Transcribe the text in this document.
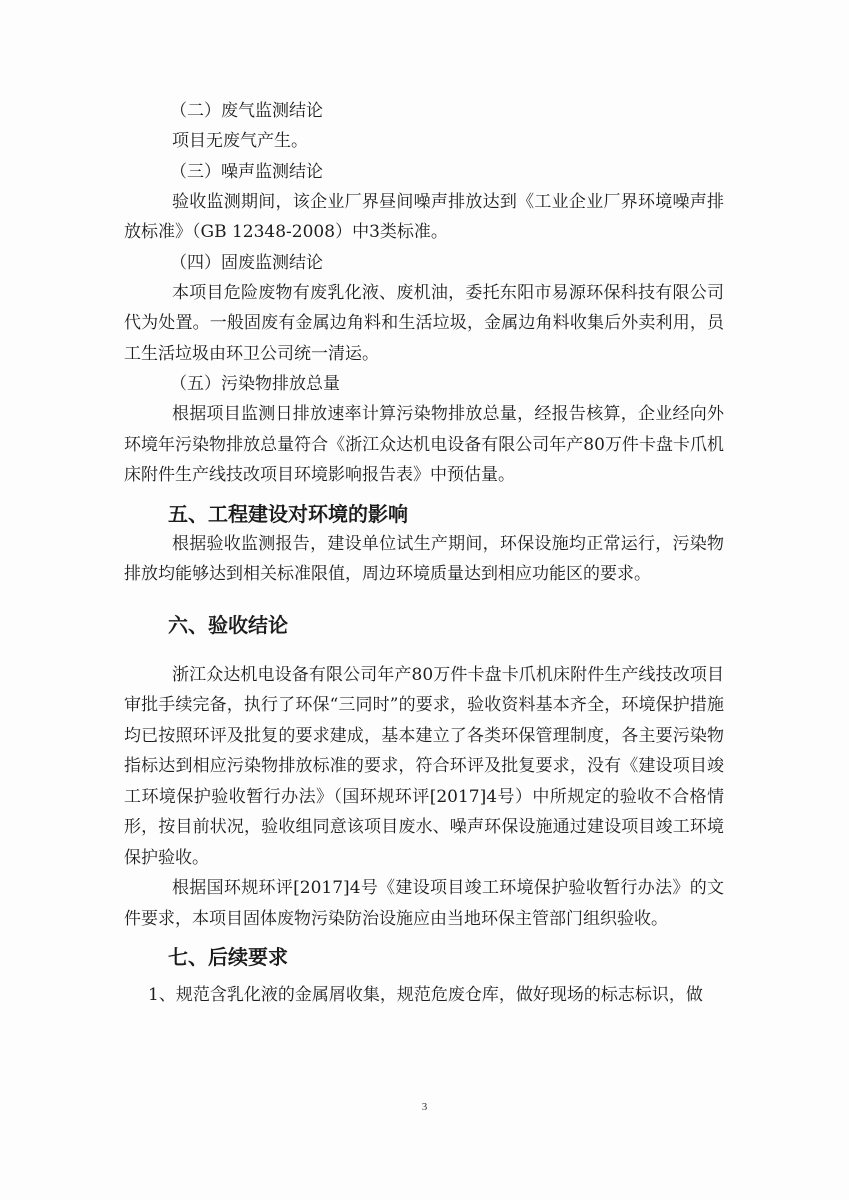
（二）废气监测结论

项目无废气产生。

（三）噪声监测结论

验收监测期间，该企业厂界昼间噪声排放达到《工业企业厂界环境噪声排放标准》（GB 12348-2008）中3类标准。

（四）固废监测结论

本项目危险废物有废乳化液、废机油，委托东阳市易源环保科技有限公司代为处置。一般固废有金属边角料和生活垃圾，金属边角料收集后外卖利用，员工生活垃圾由环卫公司统一清运。

（五）污染物排放总量

根据项目监测日排放速率计算污染物排放总量，经报告核算，企业经向外环境年污染物排放总量符合《浙江众达机电设备有限公司年产80万件卡盘卡爪机床附件生产线技改项目环境影响报告表》中预估量。

五、工程建设对环境的影响

根据验收监测报告，建设单位试生产期间，环保设施均正常运行，污染物排放均能够达到相关标准限值，周边环境质量达到相应功能区的要求。

六、验收结论

浙江众达机电设备有限公司年产80万件卡盘卡爪机床附件生产线技改项目审批手续完备，执行了环保“三同时”的要求，验收资料基本齐全，环境保护措施均已按照环评及批复的要求建成，基本建立了各类环保管理制度，各主要污染物指标达到相应污染物排放标准的要求，符合环评及批复要求，没有《建设项目竣工环境保护验收暂行办法》（国环规环评[2017]4号）中所规定的验收不合格情形，按目前状况，验收组同意该项目废水、噪声环保设施通过建设项目竣工环境保护验收。

根据国环规环评[2017]4号《建设项目竣工环境保护验收暂行办法》的文件要求，本项目固体废物污染防治设施应由当地环保主管部门组织验收。

七、后续要求

1、规范含乳化液的金属屑收集，规范危废仓库，做好现场的标志标识，做

3
